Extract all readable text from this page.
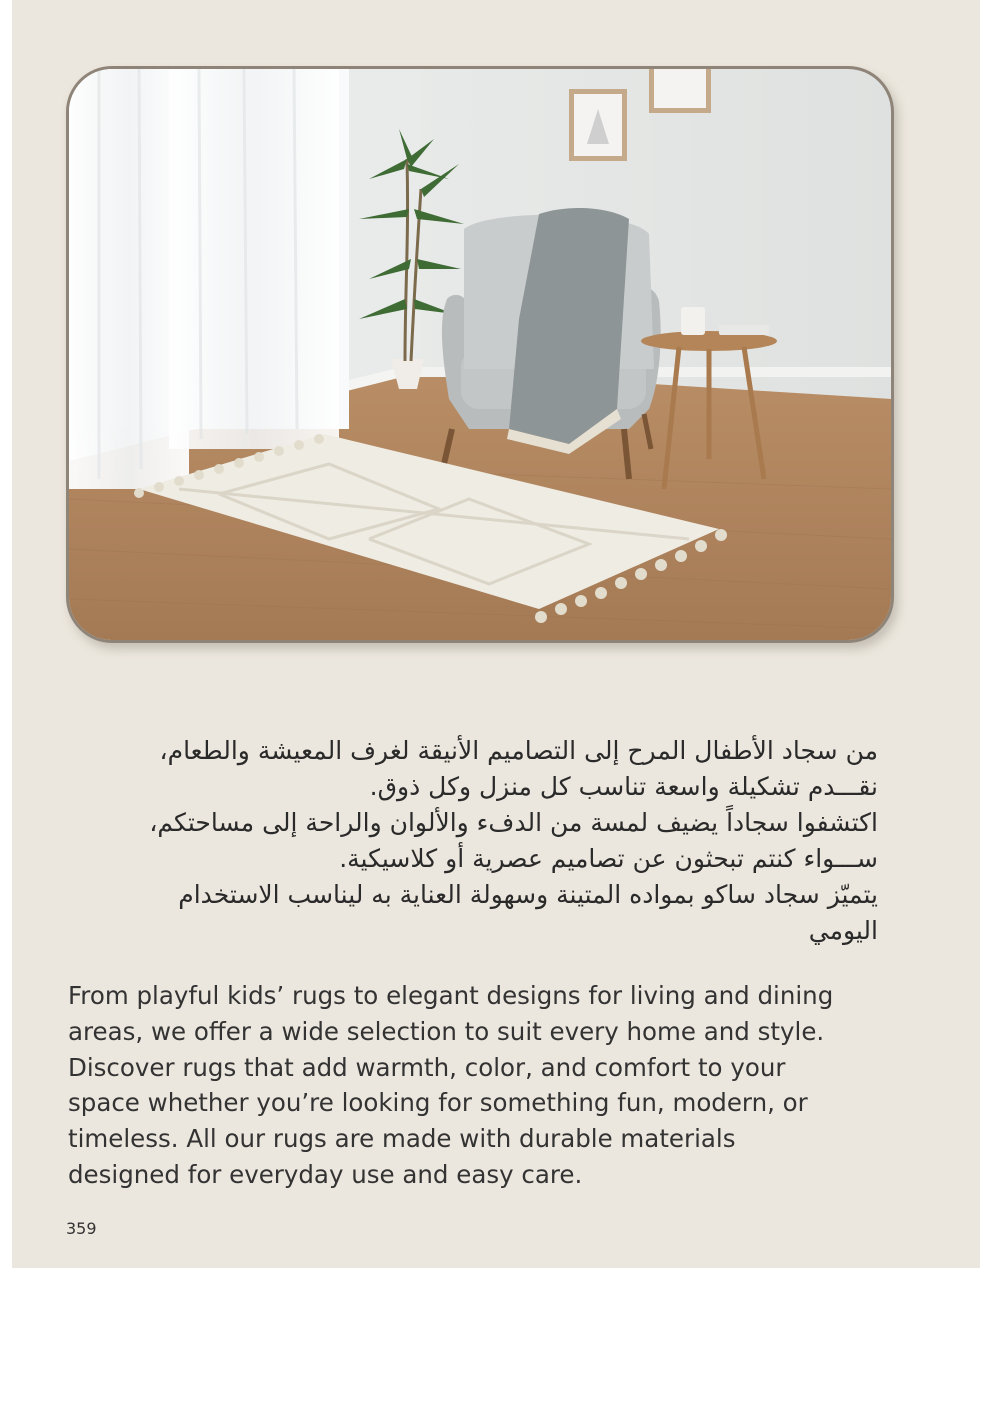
من سجاد الأطفال المرح إلى التصاميم الأنيقة لغرف المعيشة والطعام،
نقـــدم تشكيلة واسعة تناسب كل منزل وكل ذوق.
اكتشفوا سجاداً يضيف لمسة من الدفء والألوان والراحة إلى مساحتكم،
ســـواء كنتم تبحثون عن تصاميم عصرية أو كلاسيكية.
يتميّز سجاد ساكو بمواده المتينة وسهولة العناية به ليناسب الاستخدام
اليومي

From playful kids’ rugs to elegant designs for living and dining
areas, we offer a wide selection to suit every home and style.
Discover rugs that add warmth, color, and comfort to your
space whether you’re looking for something fun, modern, or
timeless. All our rugs are made with durable materials
designed for everyday use and easy care.

359
